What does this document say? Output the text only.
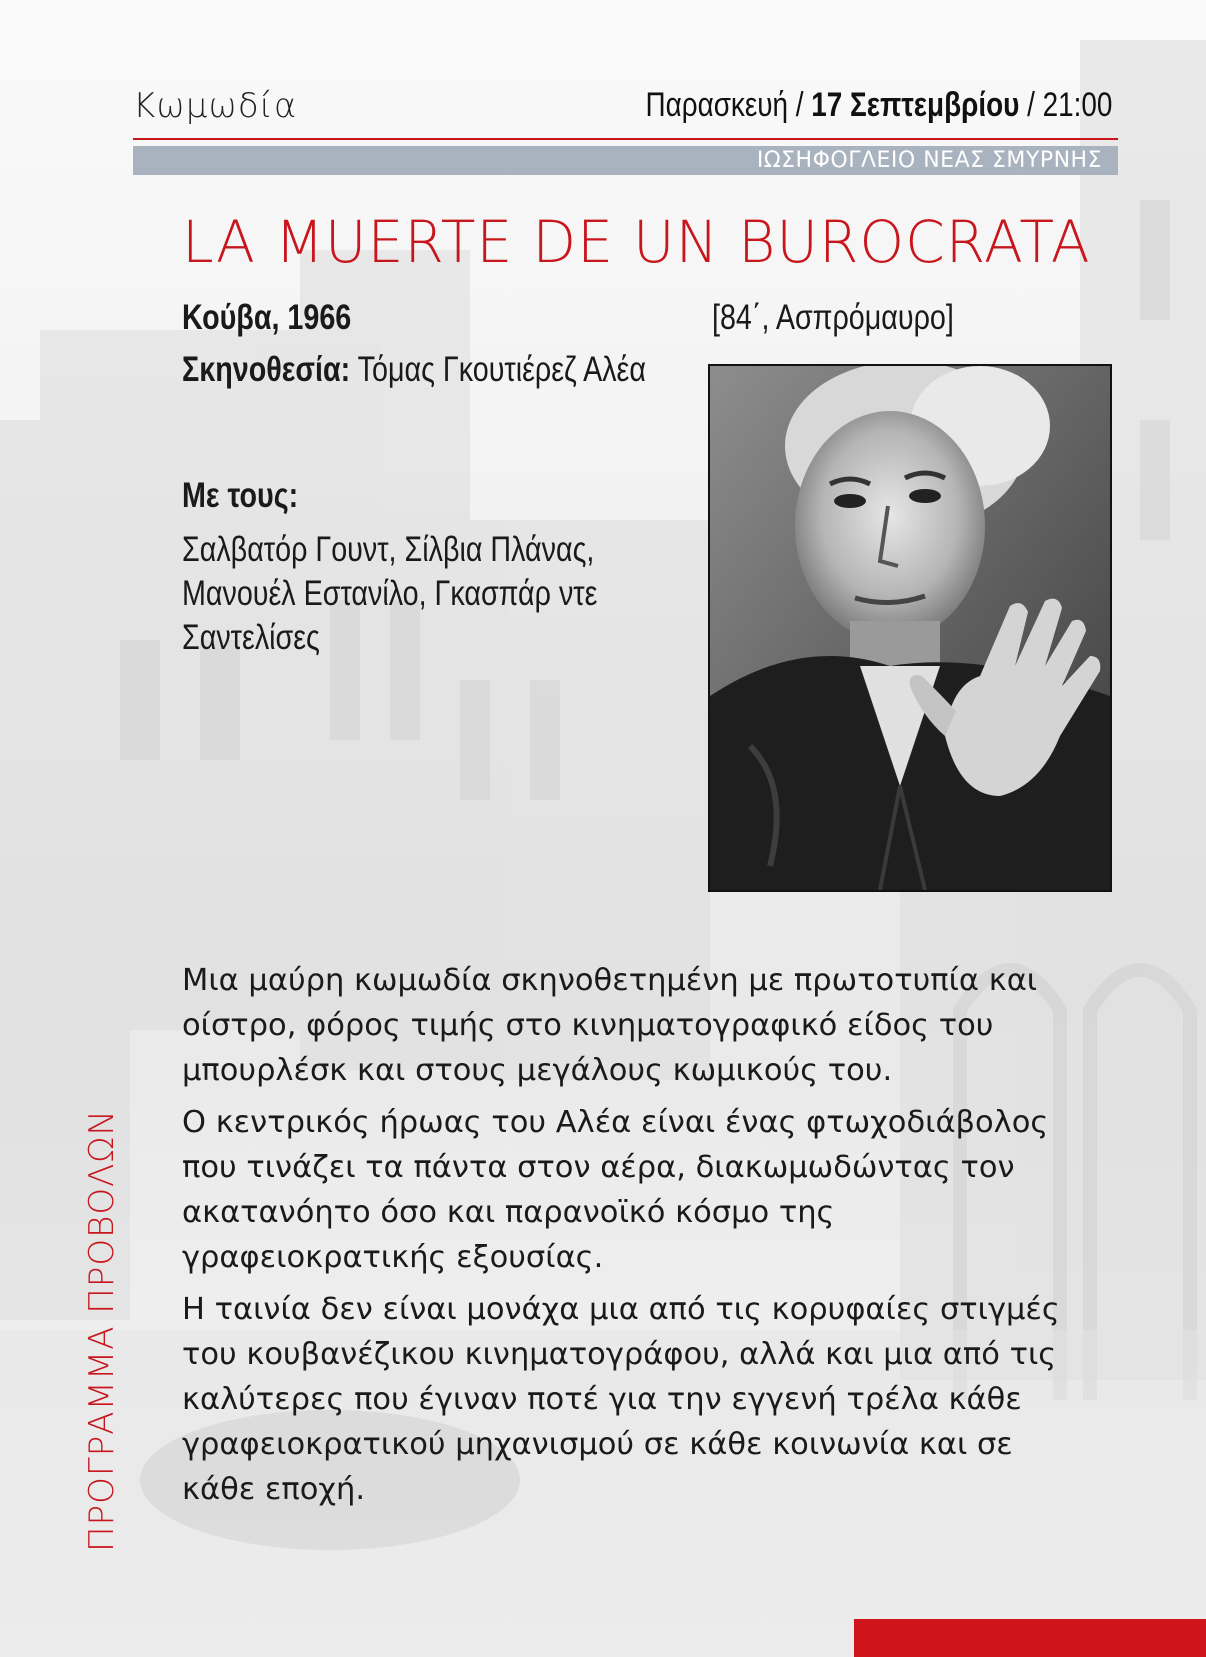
Κωμωδία	Παρασκευή / 17 Σεπτεμβρίου / 21:00
ΙΩΣΗΦΟΓΛΕΙΟ ΝΕΑΣ ΣΜΥΡΝΗΣ
LA MUERTE DE UN BUROCRATA
Κούβα, 1966	[84΄, Ασπρόμαυρο]
Σκηνοθεσία: Τόμας Γκουτιέρεζ Αλέα
Με τους:
Σαλβατόρ Γουντ, Σίλβια Πλάνας,
Μανουέλ Εστανίλο, Γκασπάρ ντε
Σαντελίσες

Μια μαύρη κωμωδία σκηνοθετημένη με πρωτοτυπία και οίστρο, φόρος τιμής στο κινηματογραφικό είδος του μπουρλέσκ και στους μεγάλους κωμικούς του.

Ο κεντρικός ήρωας του Αλέα είναι ένας φτωχοδιάβολος που τινάζει τα πάντα στον αέρα, διακωμωδώντας τον ακατανόητο όσο και παρανοϊκό κόσμο της γραφειοκρατικής εξουσίας.

Η ταινία δεν είναι μονάχα μια από τις κορυφαίες στιγμές του κουβανέζικου κινηματογράφου, αλλά και μια από τις καλύτερες που έγιναν ποτέ για την εγγενή τρέλα κάθε γραφειοκρατικού μηχανισμού σε κάθε κοινωνία και σε κάθε εποχή.

ΠΡΟΓΡΑΜΜΑ ΠΡΟΒΟΛΩΝ
